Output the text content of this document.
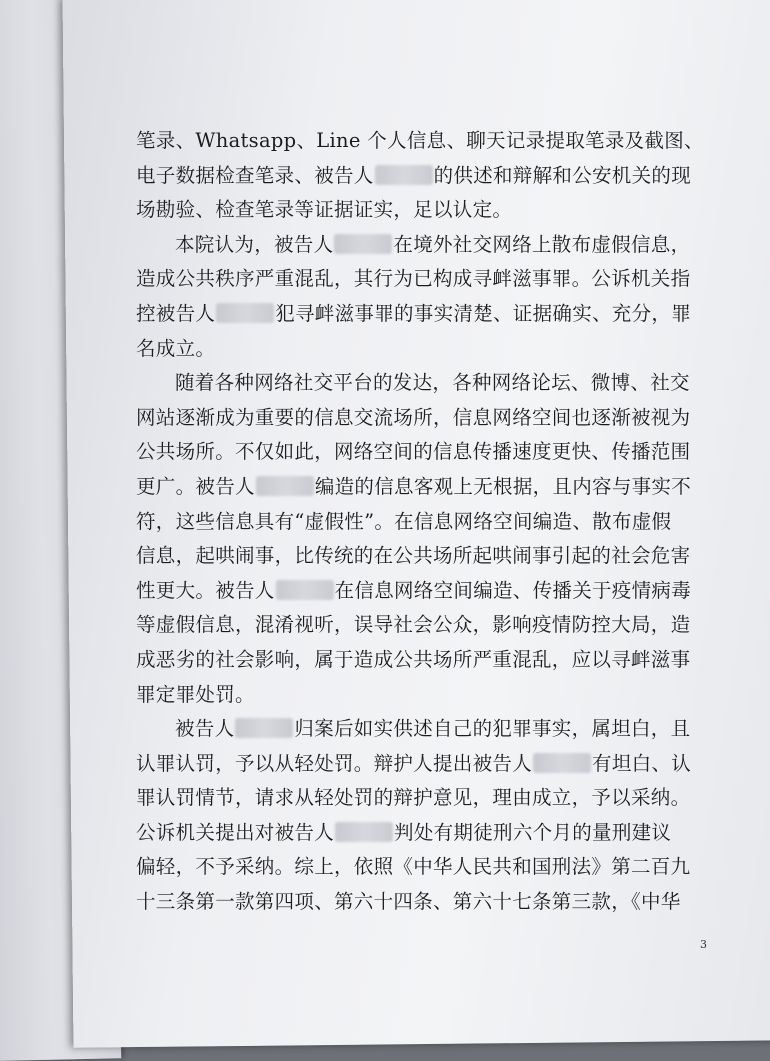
笔录、Whatsapp、Line 个人信息、聊天记录提取笔录及截图、
电子数据检查笔录、被告人	的供述和辩解和公安机关的现
场勘验、检查笔录等证据证实，足以认定。
本院认为，被告人	在境外社交网络上散布虚假信息，
造成公共秩序严重混乱，其行为已构成寻衅滋事罪。公诉机关指
控被告人	犯寻衅滋事罪的事实清楚、证据确实、充分，罪
名成立。
随着各种网络社交平台的发达，各种网络论坛、微博、社交
网站逐渐成为重要的信息交流场所，信息网络空间也逐渐被视为
公共场所。不仅如此，网络空间的信息传播速度更快、传播范围
更广。被告人	编造的信息客观上无根据，且内容与事实不
符，这些信息具有“虚假性”。在信息网络空间编造、散布虚假
信息，起哄闹事，比传统的在公共场所起哄闹事引起的社会危害
性更大。被告人	在信息网络空间编造、传播关于疫情病毒
等虚假信息，混淆视听，误导社会公众，影响疫情防控大局，造
成恶劣的社会影响，属于造成公共场所严重混乱，应以寻衅滋事
罪定罪处罚。
被告人	归案后如实供述自己的犯罪事实，属坦白，且
认罪认罚，予以从轻处罚。辩护人提出被告人	有坦白、认
罪认罚情节，请求从轻处罚的辩护意见，理由成立，予以采纳。
公诉机关提出对被告人	判处有期徒刑六个月的量刑建议
偏轻，不予采纳。综上，依照《中华人民共和国刑法》第二百九
十三条第一款第四项、第六十四条、第六十七条第三款，《中华
3
